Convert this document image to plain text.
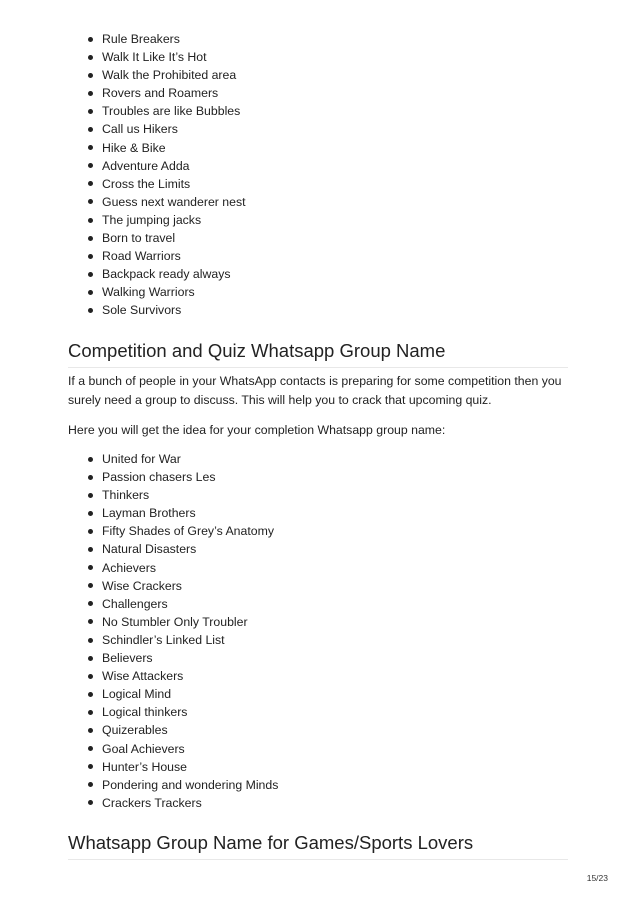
Rule Breakers
Walk It Like It’s Hot
Walk the Prohibited area
Rovers and Roamers
Troubles are like Bubbles
Call us Hikers
Hike & Bike
Adventure Adda
Cross the Limits
Guess next wanderer nest
The jumping jacks
Born to travel
Road Warriors
Backpack ready always
Walking Warriors
Sole Survivors
Competition and Quiz Whatsapp Group Name

If a bunch of people in your WhatsApp contacts is preparing for some competition then you surely need a group to discuss. This will help you to crack that upcoming quiz.

Here you will get the idea for your completion Whatsapp group name:

United for War
Passion chasers Les
Thinkers
Layman Brothers
Fifty Shades of Grey’s Anatomy
Natural Disasters
Achievers
Wise Crackers
Challengers
No Stumbler Only Troubler
Schindler’s Linked List
Believers
Wise Attackers
Logical Mind
Logical thinkers
Quizerables
Goal Achievers
Hunter’s House
Pondering and wondering Minds
Crackers Trackers
Whatsapp Group Name for Games/Sports Lovers
15/23
